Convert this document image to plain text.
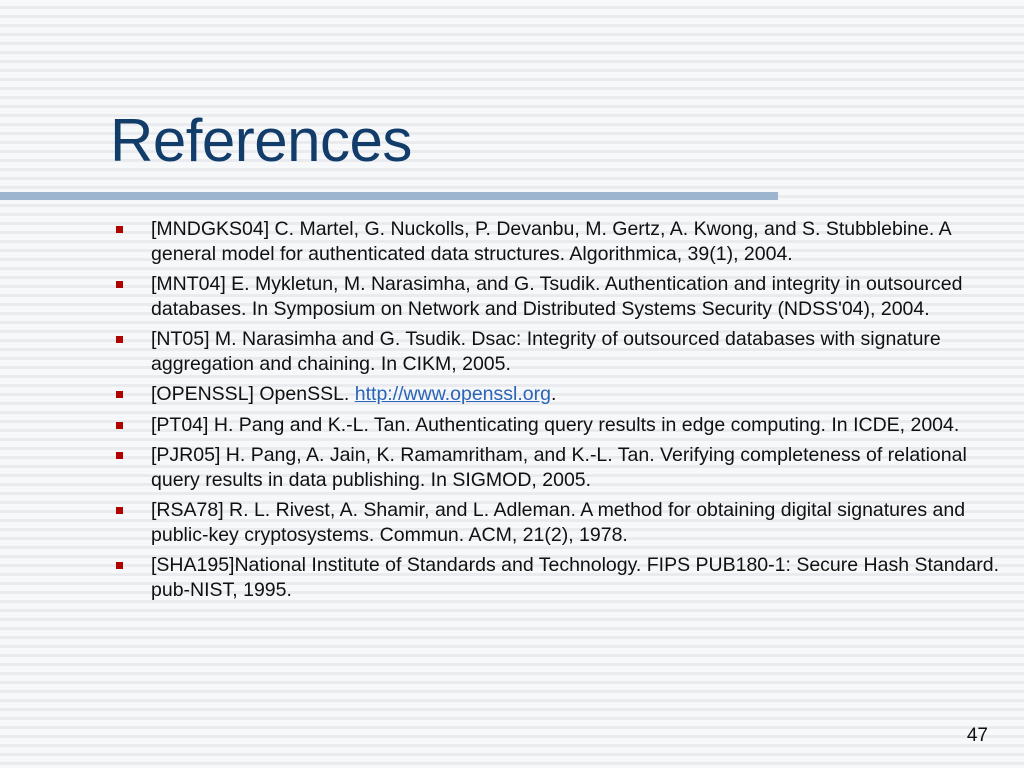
References
[MNDGKS04] C. Martel, G. Nuckolls, P. Devanbu, M. Gertz, A. Kwong, and S. Stubblebine. A general model for authenticated data structures. Algorithmica, 39(1), 2004.
[MNT04] E. Mykletun, M. Narasimha, and G. Tsudik. Authentication and integrity in outsourced databases. In Symposium on Network and Distributed Systems Security (NDSS'04), 2004.
[NT05] M. Narasimha and G. Tsudik. Dsac: Integrity of outsourced databases with signature aggregation and chaining. In CIKM, 2005.
[OPENSSL] OpenSSL. http://www.openssl.org.
[PT04] H. Pang and K.-L. Tan. Authenticating query results in edge computing. In ICDE, 2004.
[PJR05] H. Pang, A. Jain, K. Ramamritham, and K.-L. Tan. Verifying completeness of relational query results in data publishing. In SIGMOD, 2005.
[RSA78] R. L. Rivest, A. Shamir, and L. Adleman. A method for obtaining digital signatures and public-key cryptosystems. Commun. ACM, 21(2), 1978.
[SHA195]National Institute of Standards and Technology. FIPS PUB180-1: Secure Hash Standard. pub-NIST, 1995.
47
